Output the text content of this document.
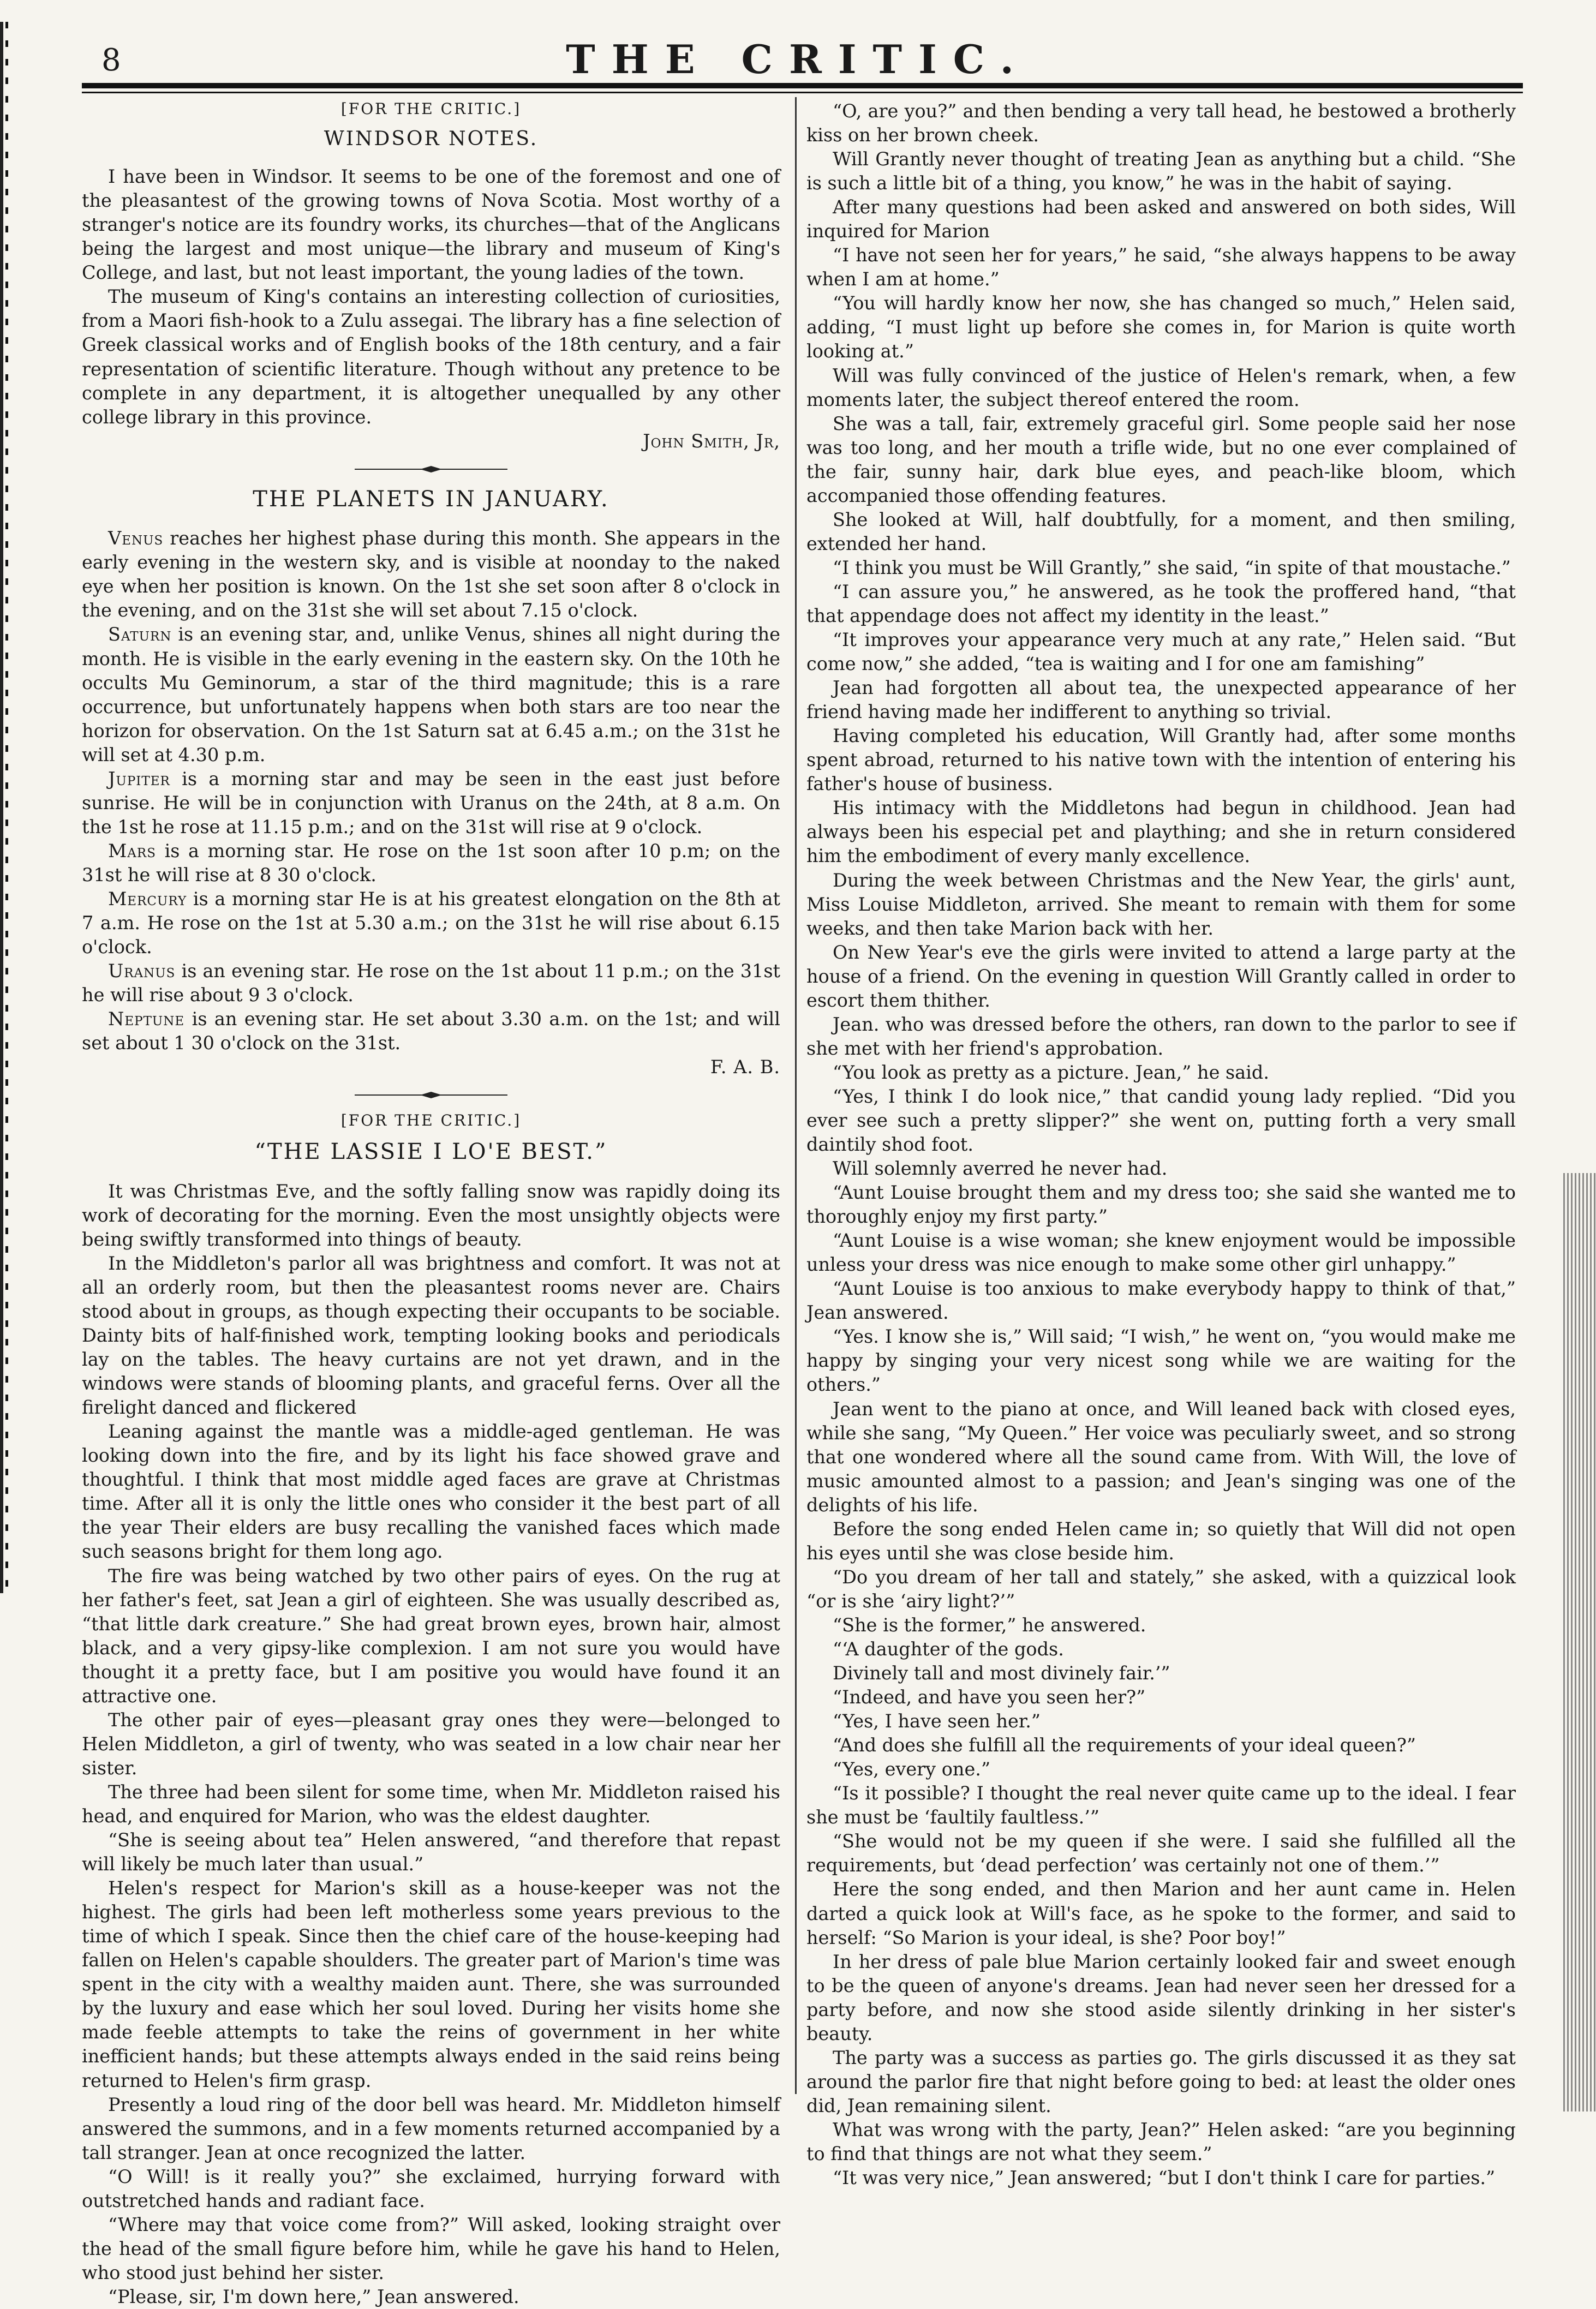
8	THE CRITIC.
[FOR THE CRITIC.]
WINDSOR NOTES.

I have been in Windsor. It seems to be one of the foremost and one of the pleasantest of the growing towns of Nova Scotia. Most worthy of a stranger's notice are its foundry works, its churches—that of the Anglicans being the largest and most unique—the library and museum of King's College, and last, but not least important, the young ladies of the town.

The museum of King's contains an interesting collection of curiosities, from a Maori fish-hook to a Zulu assegai. The library has a fine selection of Greek classical works and of English books of the 18th century, and a fair representation of scientific literature. Though without any pretence to be complete in any department, it is altogether unequalled by any other college library in this province.

John Smith, Jr,

THE PLANETS IN JANUARY.

Venus reaches her highest phase during this month. She appears in the early evening in the western sky, and is visible at noonday to the naked eye when her position is known. On the 1st she set soon after 8 o'clock in the evening, and on the 31st she will set about 7.15 o'clock.

Saturn is an evening star, and, unlike Venus, shines all night during the month. He is visible in the early evening in the eastern sky. On the 10th he occults Mu Geminorum, a star of the third magnitude; this is a rare occurrence, but unfortunately happens when both stars are too near the horizon for observation. On the 1st Saturn sat at 6.45 a.m.; on the 31st he will set at 4.30 p.m.

Jupiter is a morning star and may be seen in the east just before sunrise. He will be in conjunction with Uranus on the 24th, at 8 a.m. On the 1st he rose at 11.15 p.m.; and on the 31st will rise at 9 o'clock.

Mars is a morning star. He rose on the 1st soon after 10 p.m; on the 31st he will rise at 8 30 o'clock.

Mercury is a morning star He is at his greatest elongation on the 8th at 7 a.m. He rose on the 1st at 5.30 a.m.; on the 31st he will rise about 6.15 o'clock.

Uranus is an evening star. He rose on the 1st about 11 p.m.; on the 31st he will rise about 9 3 o'clock.

Neptune is an evening star. He set about 3.30 a.m. on the 1st; and will set about 1 30 o'clock on the 31st.

F. A. B.

[FOR THE CRITIC.]
“THE LASSIE I LO'E BEST.”

It was Christmas Eve, and the softly falling snow was rapidly doing its work of decorating for the morning. Even the most unsightly objects were being swiftly transformed into things of beauty.

In the Middleton's parlor all was brightness and comfort. It was not at all an orderly room, but then the pleasantest rooms never are. Chairs stood about in groups, as though expecting their occupants to be sociable. Dainty bits of half-finished work, tempting looking books and periodicals lay on the tables. The heavy curtains are not yet drawn, and in the windows were stands of blooming plants, and graceful ferns. Over all the firelight danced and flickered

Leaning against the mantle was a middle-aged gentleman. He was looking down into the fire, and by its light his face showed grave and thoughtful. I think that most middle aged faces are grave at Christmas time. After all it is only the little ones who consider it the best part of all the year Their elders are busy recalling the vanished faces which made such seasons bright for them long ago.

The fire was being watched by two other pairs of eyes. On the rug at her father's feet, sat Jean a girl of eighteen. She was usually described as, “that little dark creature.” She had great brown eyes, brown hair, almost black, and a very gipsy-like complexion. I am not sure you would have thought it a pretty face, but I am positive you would have found it an attractive one.

The other pair of eyes—pleasant gray ones they were—belonged to Helen Middleton, a girl of twenty, who was seated in a low chair near her sister.

The three had been silent for some time, when Mr. Middleton raised his head, and enquired for Marion, who was the eldest daughter.

“She is seeing about tea” Helen answered, “and therefore that repast will likely be much later than usual.”

Helen's respect for Marion's skill as a house-keeper was not the highest. The girls had been left motherless some years previous to the time of which I speak. Since then the chief care of the house-keeping had fallen on Helen's capable shoulders. The greater part of Marion's time was spent in the city with a wealthy maiden aunt. There, she was surrounded by the luxury and ease which her soul loved. During her visits home she made feeble attempts to take the reins of government in her white inefficient hands; but these attempts always ended in the said reins being returned to Helen's firm grasp.

Presently a loud ring of the door bell was heard. Mr. Middleton himself answered the summons, and in a few moments returned accompanied by a tall stranger. Jean at once recognized the latter.

“O Will! is it really you?” she exclaimed, hurrying forward with outstretched hands and radiant face.

“Where may that voice come from?” Will asked, looking straight over the head of the small figure before him, while he gave his hand to Helen, who stood just behind her sister.

“Please, sir, I'm down here,” Jean answered.

“O, are you?” and then bending a very tall head, he bestowed a brotherly kiss on her brown cheek.

Will Grantly never thought of treating Jean as anything but a child. “She is such a little bit of a thing, you know,” he was in the habit of saying.

After many questions had been asked and answered on both sides, Will inquired for Marion

“I have not seen her for years,” he said, “she always happens to be away when I am at home.”

“You will hardly know her now, she has changed so much,” Helen said, adding, “I must light up before she comes in, for Marion is quite worth looking at.”

Will was fully convinced of the justice of Helen's remark, when, a few moments later, the subject thereof entered the room.

She was a tall, fair, extremely graceful girl. Some people said her nose was too long, and her mouth a trifle wide, but no one ever complained of the fair, sunny hair, dark blue eyes, and peach-like bloom, which accompanied those offending features.

She looked at Will, half doubtfully, for a moment, and then smiling, extended her hand.

“I think you must be Will Grantly,” she said, “in spite of that moustache.”

“I can assure you,” he answered, as he took the proffered hand, “that that appendage does not affect my identity in the least.”

“It improves your appearance very much at any rate,” Helen said. “But come now,” she added, “tea is waiting and I for one am famishing”

Jean had forgotten all about tea, the unexpected appearance of her friend having made her indifferent to anything so trivial.

Having completed his education, Will Grantly had, after some months spent abroad, returned to his native town with the intention of entering his father's house of business.

His intimacy with the Middletons had begun in childhood. Jean had always been his especial pet and plaything; and she in return considered him the embodiment of every manly excellence.

During the week between Christmas and the New Year, the girls' aunt, Miss Louise Middleton, arrived. She meant to remain with them for some weeks, and then take Marion back with her.

On New Year's eve the girls were invited to attend a large party at the house of a friend. On the evening in question Will Grantly called in order to escort them thither.

Jean. who was dressed before the others, ran down to the parlor to see if she met with her friend's approbation.

“You look as pretty as a picture. Jean,” he said.

“Yes, I think I do look nice,” that candid young lady replied. “Did you ever see such a pretty slipper?” she went on, putting forth a very small daintily shod foot.

Will solemnly averred he never had.

“Aunt Louise brought them and my dress too; she said she wanted me to thoroughly enjoy my first party.”

“Aunt Louise is a wise woman; she knew enjoyment would be impossible unless your dress was nice enough to make some other girl unhappy.”

“Aunt Louise is too anxious to make everybody happy to think of that,” Jean answered.

“Yes. I know she is,” Will said; “I wish,” he went on, “you would make me happy by singing your very nicest song while we are waiting for the others.”

Jean went to the piano at once, and Will leaned back with closed eyes, while she sang, “My Queen.” Her voice was peculiarly sweet, and so strong that one wondered where all the sound came from. With Will, the love of music amounted almost to a passion; and Jean's singing was one of the delights of his life.

Before the song ended Helen came in; so quietly that Will did not open his eyes until she was close beside him.

“Do you dream of her tall and stately,” she asked, with a quizzical look “or is she ‘airy light?’”

“She is the former,” he answered.

“‘A daughter of the gods.

Divinely tall and most divinely fair.’”

“Indeed, and have you seen her?”

“Yes, I have seen her.”

“And does she fulfill all the requirements of your ideal queen?”

“Yes, every one.”

“Is it possible? I thought the real never quite came up to the ideal. I fear she must be ‘faultily faultless.’”

“She would not be my queen if she were. I said she fulfilled all the requirements, but ‘dead perfection’ was certainly not one of them.’”

Here the song ended, and then Marion and her aunt came in. Helen darted a quick look at Will's face, as he spoke to the former, and said to herself: “So Marion is your ideal, is she? Poor boy!”

In her dress of pale blue Marion certainly looked fair and sweet enough to be the queen of anyone's dreams. Jean had never seen her dressed for a party before, and now she stood aside silently drinking in her sister's beauty.

The party was a success as parties go. The girls discussed it as they sat around the parlor fire that night before going to bed: at least the older ones did, Jean remaining silent.

What was wrong with the party, Jean?” Helen asked: “are you beginning to find that things are not what they seem.”

“It was very nice,” Jean answered; “but I don't think I care for parties.”
